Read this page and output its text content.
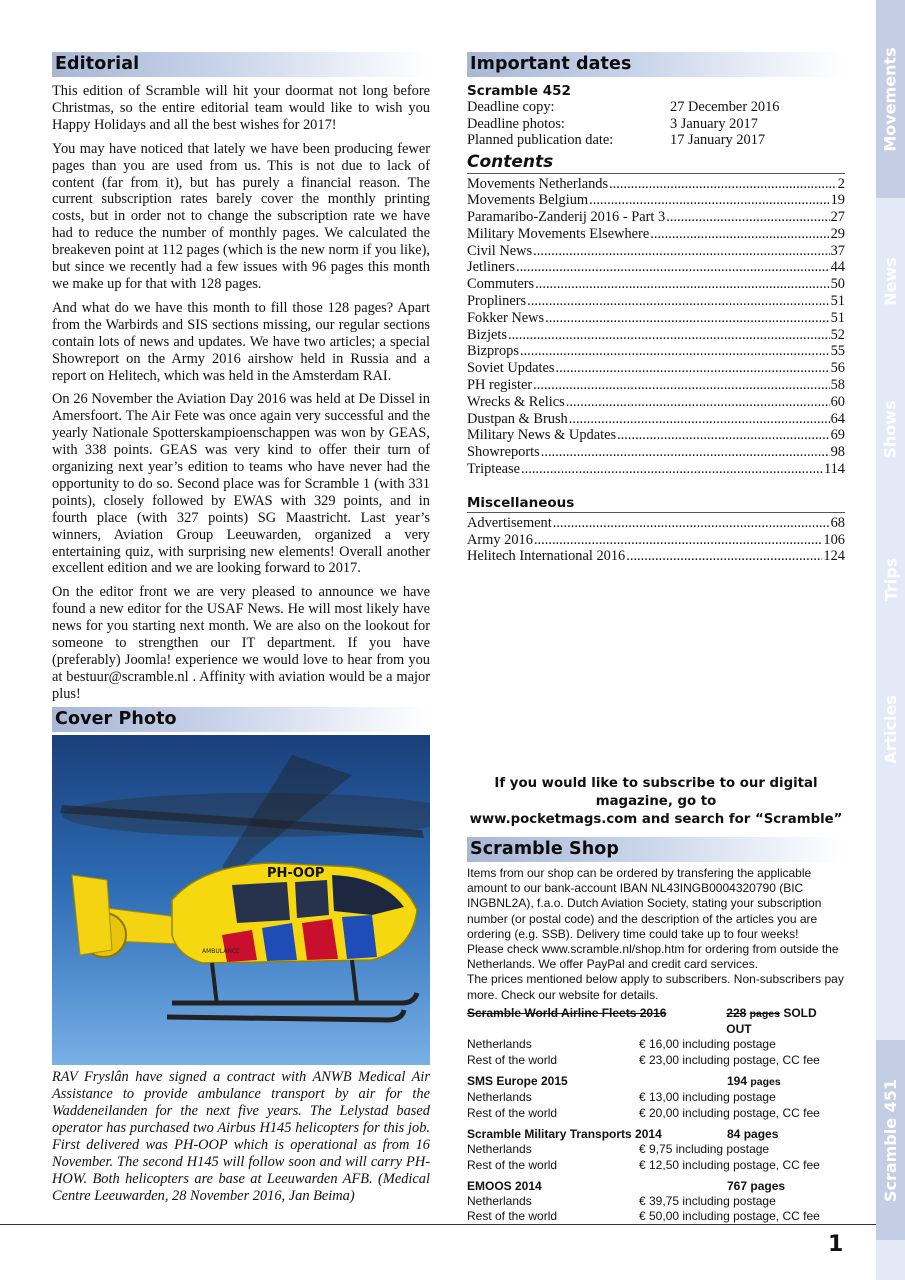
Editorial

This edition of Scramble will hit your doormat not long before Christmas, so the entire editorial team would like to wish you Happy Holidays and all the best wishes for 2017!

You may have noticed that lately we have been producing fewer pages than you are used from us. This is not due to lack of content (far from it), but has purely a financial reason. The current subscription rates barely cover the monthly printing costs, but in order not to change the subscription rate we have had to reduce the number of monthly pages. We calculated the breakeven point at 112 pages (which is the new norm if you like), but since we recently had a few issues with 96 pages this month we make up for that with 128 pages.

And what do we have this month to fill those 128 pages? Apart from the Warbirds and SIS sections missing, our regular sections contain lots of news and updates. We have two articles; a special Showreport on the Army 2016 airshow held in Russia and a report on Helitech, which was held in the Amsterdam RAI.

On 26 November the Aviation Day 2016 was held at De Dissel in Amersfoort. The Air Fete was once again very successful and the yearly Nationale Spotterskampioenschappen was won by GEAS, with 338 points. GEAS was very kind to offer their turn of organizing next year’s edition to teams who have never had the opportunity to do so. Second place was for Scramble 1 (with 331 points), closely followed by EWAS with 329 points, and in fourth place (with 327 points) SG Maastricht. Last year’s winners, Aviation Group Leeuwarden, organized a very entertaining quiz, with surprising new elements! Overall another excellent edition and we are looking forward to 2017.

On the editor front we are very pleased to announce we have found a new editor for the USAF News. He will most likely have news for you starting next month. We are also on the lookout for someone to strengthen our IT department. If you have (preferably) Joomla! experience we would love to hear from you at bestuur@scramble.nl . Affinity with aviation would be a major plus!

Cover Photo
PH-OOP
AMBULANCE
RAV Fryslân have signed a contract with ANWB Medical Air Assistance to provide ambulance transport by air for the Waddeneilanden for the next five years. The Lelystad based operator has purchased two Airbus H145 helicopters for this job. First delivered was PH-OOP which is operational as from 16 November. The second H145 will follow soon and will carry PH-HOW. Both helicopters are base at Leeuwarden AFB. (Medical Centre Leeuwarden, 28 November 2016, Jan Beima)
Important dates
Scramble 452
Deadline copy:	27 December 2016
Deadline photos:	3 January 2017
Planned publication date:	17 January 2017
Contents
Movements Netherlands .....	2
Movements Belgium .....	19
Paramaribo-Zanderij 2016 - Part 3 .....	27
Military Movements Elsewhere .....	29
Civil News .....	37
Jetliners .....	44
Commuters .....	50
Propliners .....	51
Fokker News .....	51
Bizjets .....	52
Bizprops .....	55
Soviet Updates .....	56
PH register .....	58
Wrecks & Relics .....	60
Dustpan & Brush .....	64
Military News & Updates .....	69
Showreports .....	98
Triptease .....	114
Miscellaneous
Advertisement .....	68
Army 2016 .....	106
Helitech International 2016 .....	124
If you would like to subscribe to our digital magazine, go to
www.pocketmags.com and search for “Scramble”
Scramble Shop
Items from our shop can be ordered by transfering the applicable amount to our bank-account IBAN NL43INGB0004320790 (BIC INGBNL2A), f.a.o. Dutch Aviation Society, stating your subscription number (or postal code) and the description of the articles you are ordering (e.g. SSB). Delivery time could take up to four weeks!
Please check www.scramble.nl/shop.htm for ordering from outside the Netherlands. We offer PayPal and credit card services.
The prices mentioned below apply to subscribers. Non-subscribers pay more. Check our website for details.
Scramble World Airline Fleets 2016	228 pages SOLD OUT
Netherlands	€ 16,00 including postage
Rest of the world	€ 23,00 including postage, CC fee
SMS Europe 2015	194 pages
Netherlands	€ 13,00 including postage
Rest of the world	€ 20,00 including postage, CC fee
Scramble Military Transports 2014	84 pages
Netherlands	€ 9,75 including postage
Rest of the world	€ 12,50 including postage, CC fee
EMOOS 2014	767 pages
Netherlands	€ 39,75 including postage
Rest of the world	€ 50,00 including postage, CC fee
Movements
News
Shows
Trips
Articles
Scramble 451
1
